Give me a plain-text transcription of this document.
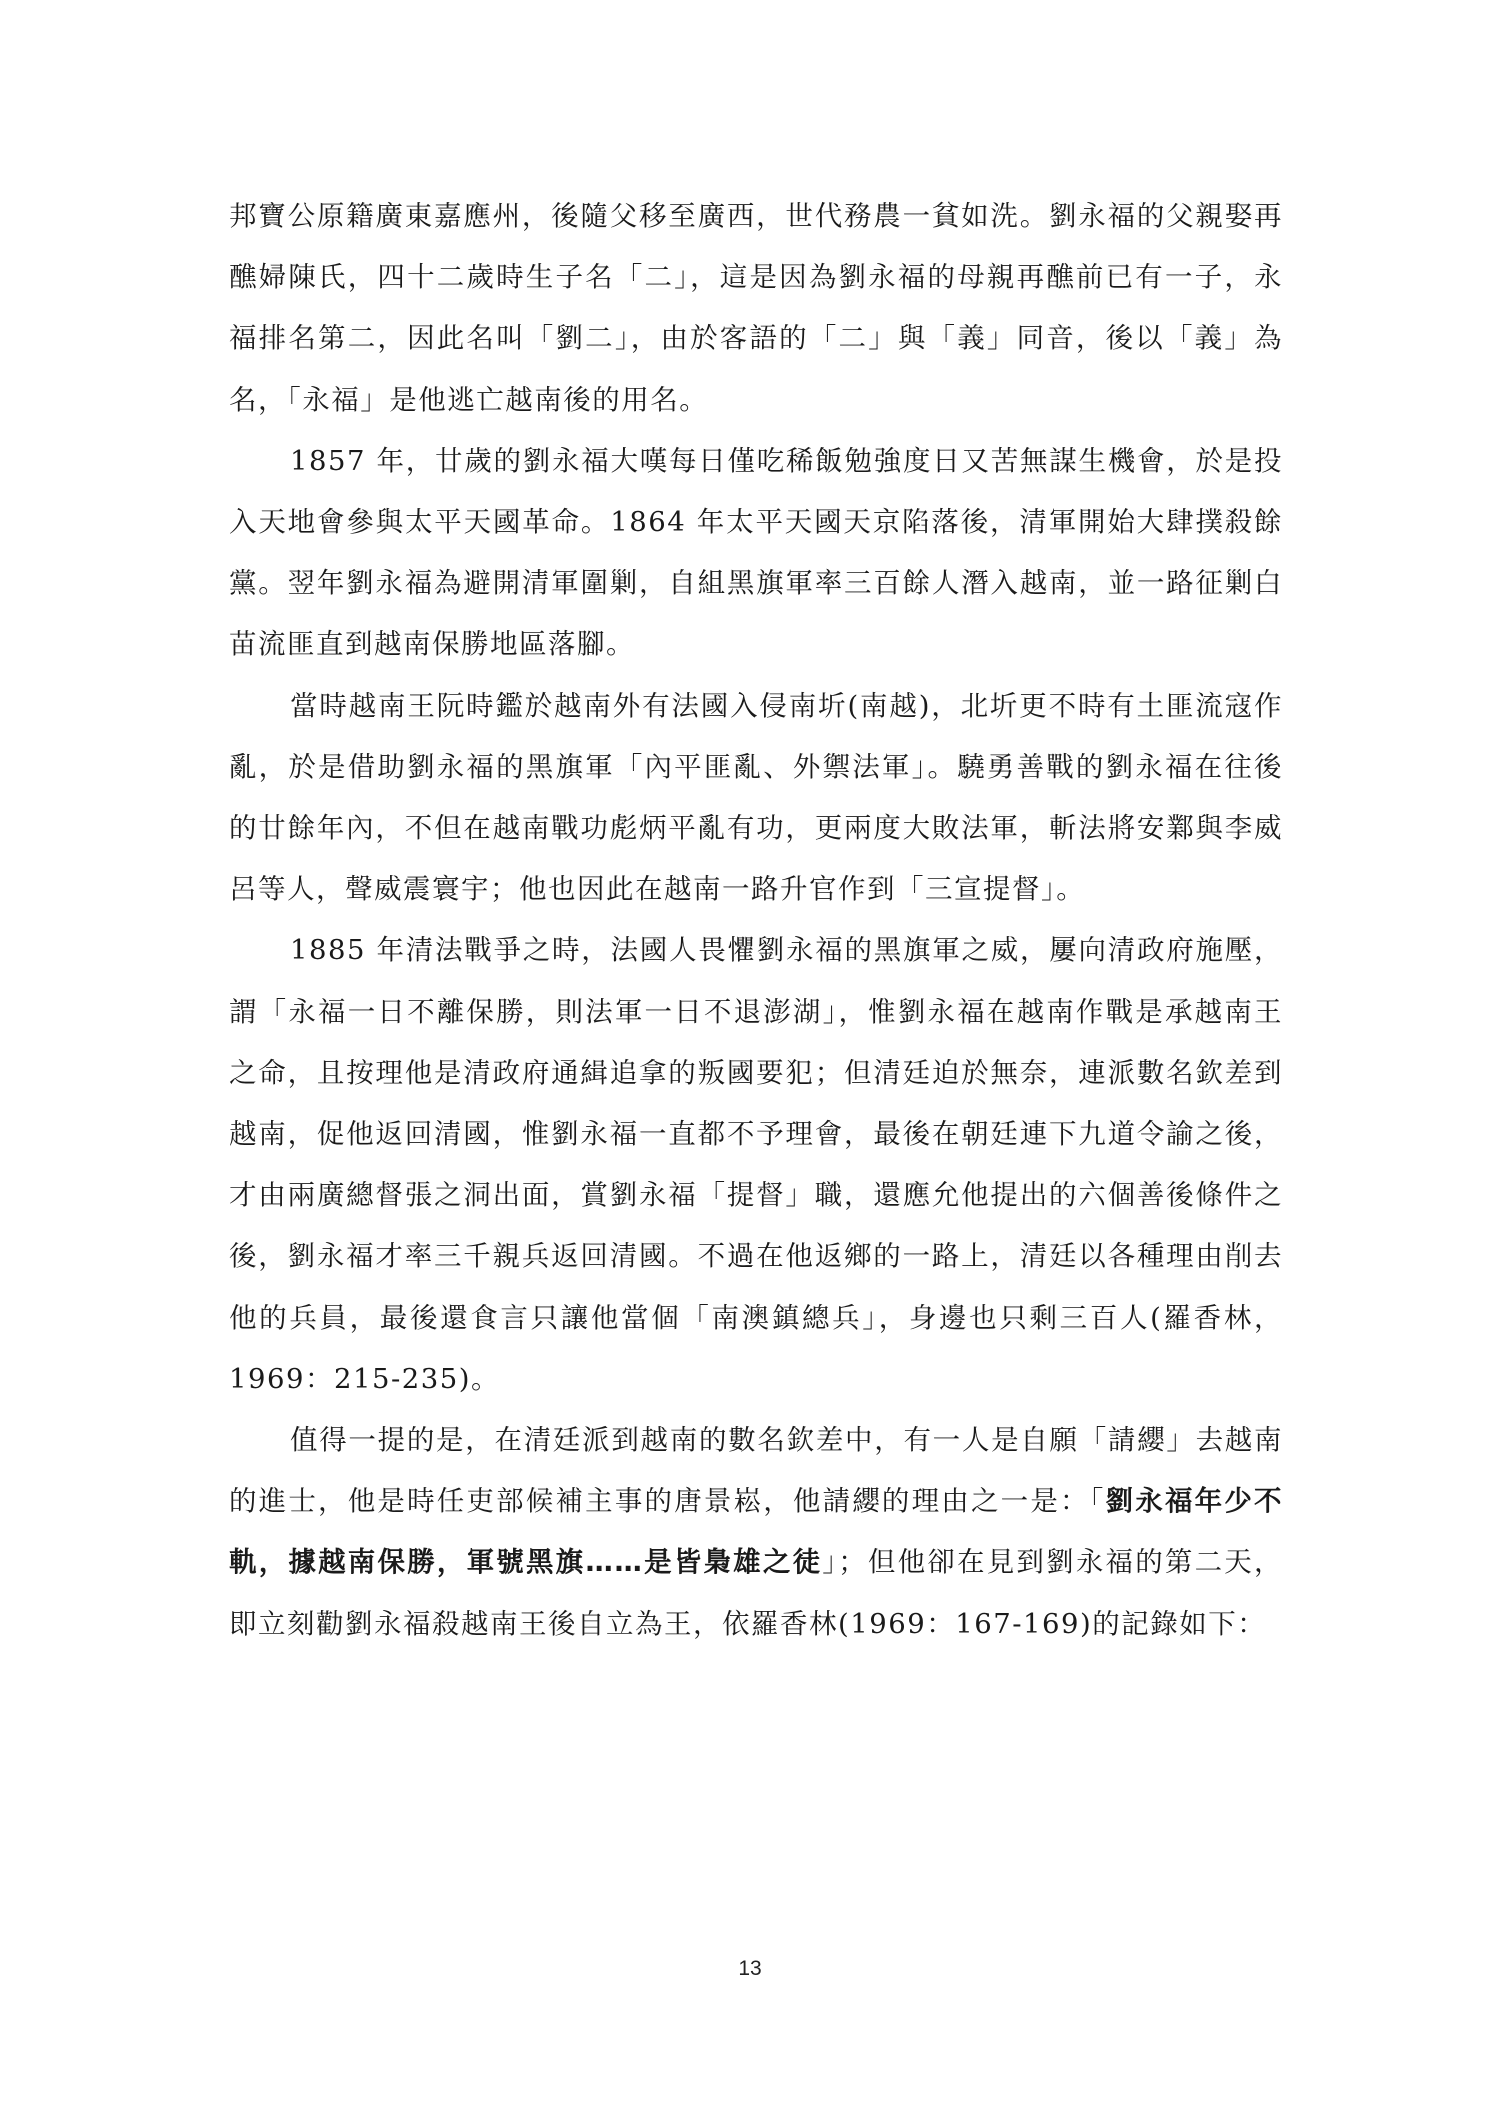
邦寶公原籍廣東嘉應州，後隨父移至廣西，世代務農一貧如洗。劉永福的父親娶再醮婦陳氏，四十二歲時生子名「二」，這是因為劉永福的母親再醮前已有一子，永福排名第二，因此名叫「劉二」，由於客語的「二」與「義」同音，後以「義」為名，「永福」是他逃亡越南後的用名。

1857 年，廿歲的劉永福大嘆每日僅吃稀飯勉強度日又苦無謀生機會，於是投入天地會參與太平天國革命。1864 年太平天國天京陷落後，清軍開始大肆撲殺餘黨。翌年劉永福為避開清軍圍剿，自組黑旗軍率三百餘人潛入越南，並一路征剿白苗流匪直到越南保勝地區落腳。

當時越南王阮時鑑於越南外有法國入侵南圻(南越)，北圻更不時有土匪流寇作亂，於是借助劉永福的黑旗軍「內平匪亂、外禦法軍」。驍勇善戰的劉永福在往後的廿餘年內，不但在越南戰功彪炳平亂有功，更兩度大敗法軍，斬法將安鄴與李威呂等人，聲威震寰宇；他也因此在越南一路升官作到「三宣提督」。

1885 年清法戰爭之時，法國人畏懼劉永福的黑旗軍之威，屢向清政府施壓，謂「永福一日不離保勝，則法軍一日不退澎湖」，惟劉永福在越南作戰是承越南王之命，且按理他是清政府通緝追拿的叛國要犯；但清廷迫於無奈，連派數名欽差到越南，促他返回清國，惟劉永福一直都不予理會，最後在朝廷連下九道令諭之後，才由兩廣總督張之洞出面，賞劉永福「提督」職，還應允他提出的六個善後條件之後，劉永福才率三千親兵返回清國。不過在他返鄉的一路上，清廷以各種理由削去他的兵員，最後還食言只讓他當個「南澳鎮總兵」，身邊也只剩三百人(羅香林，1969：215-235)。

值得一提的是，在清廷派到越南的數名欽差中，有一人是自願「請纓」去越南的進士，他是時任吏部候補主事的唐景崧，他請纓的理由之一是：「劉永福年少不軌，據越南保勝，軍號黑旗……是皆梟雄之徒」；但他卻在見到劉永福的第二天，即立刻勸劉永福殺越南王後自立為王，依羅香林(1969：167-169)的記錄如下：

13
